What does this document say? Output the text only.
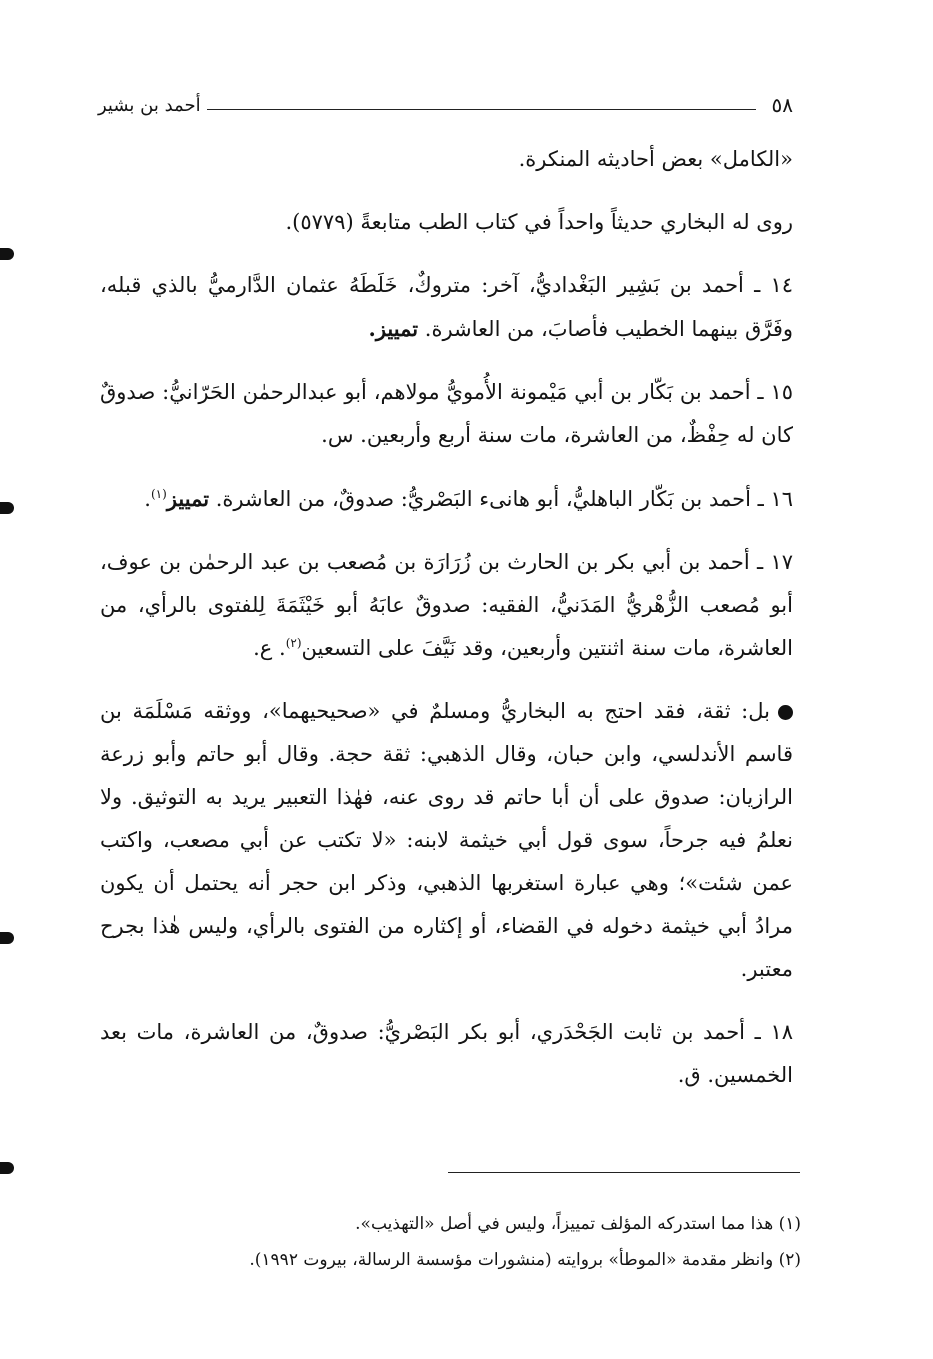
٥٨
أحمد بن بشير

«الكامل» بعض أحاديثه المنكرة.

روى له البخاري حديثاً واحداً في كتاب الطب متابعةً (٥٧٧٩).

١٤ ـ أحمد بن بَشِير البَغْداديُّ، آخر: متروكٌ، خَلَطَهُ عثمان الدَّارميُّ بالذي قبله، وفَرَّق بينهما الخطيب فأصابَ، من العاشرة. تمييز.

١٥ ـ أحمد بن بَكّار بن أبي مَيْمونة الأُمويُّ مولاهم، أبو عبدالرحمٰن الحَرّانيُّ: صدوقٌ كان له حِفْظٌ، من العاشرة، مات سنة أربع وأربعين. س.

١٦ ـ أحمد بن بَكّار الباهليُّ، أبو هانىء البَصْريُّ: صدوقٌ، من العاشرة. تمييز$^{(١)}$.

١٧ ـ أحمد بن أبي بكر بن الحارث بن زُرَارَة بن مُصعب بن عبد الرحمٰن بن عوف، أبو مُصعب الزُّهْريُّ المَدَنيُّ، الفقيه: صدوقٌ عابَهُ أبو خَيْثَمَةَ لِلفتوى بالرأي، من العاشرة، مات سنة اثنتين وأربعين، وقد نَيَّفَ على التسعين$^{(٢)}$. ع.

بل: ثقة، فقد احتج به البخاريُّ ومسلمٌ في «صحيحيهما»، ووثقه مَسْلَمَة بن قاسم الأندلسي، وابن حبان، وقال الذهبي: ثقة حجة. وقال أبو حاتم وأبو زرعة الرازيان: صدوق على أن أبا حاتم قد روى عنه، فهٰذا التعبير يريد به التوثيق. ولا نعلمُ فيه جرحاً، سوى قول أبي خيثمة لابنه: «لا تكتب عن أبي مصعب، واكتب عمن شئت»؛ وهي عبارة استغربها الذهبي، وذكر ابن حجر أنه يحتمل أن يكون مرادُ أبي خيثمة دخوله في القضاء، أو إكثاره من الفتوى بالرأي، وليس هٰذا بجرح معتبر.

١٨ ـ أحمد بن ثابت الجَحْدَري، أبو بكر البَصْريُّ: صدوقٌ، من العاشرة، مات بعد الخمسين. ق.

(١) هذا مما استدركه المؤلف تمييزاً، وليس في أصل «التهذيب».

(٢) وانظر مقدمة «الموطأ» بروايته (منشورات مؤسسة الرسالة، بيروت ١٩٩٢).
